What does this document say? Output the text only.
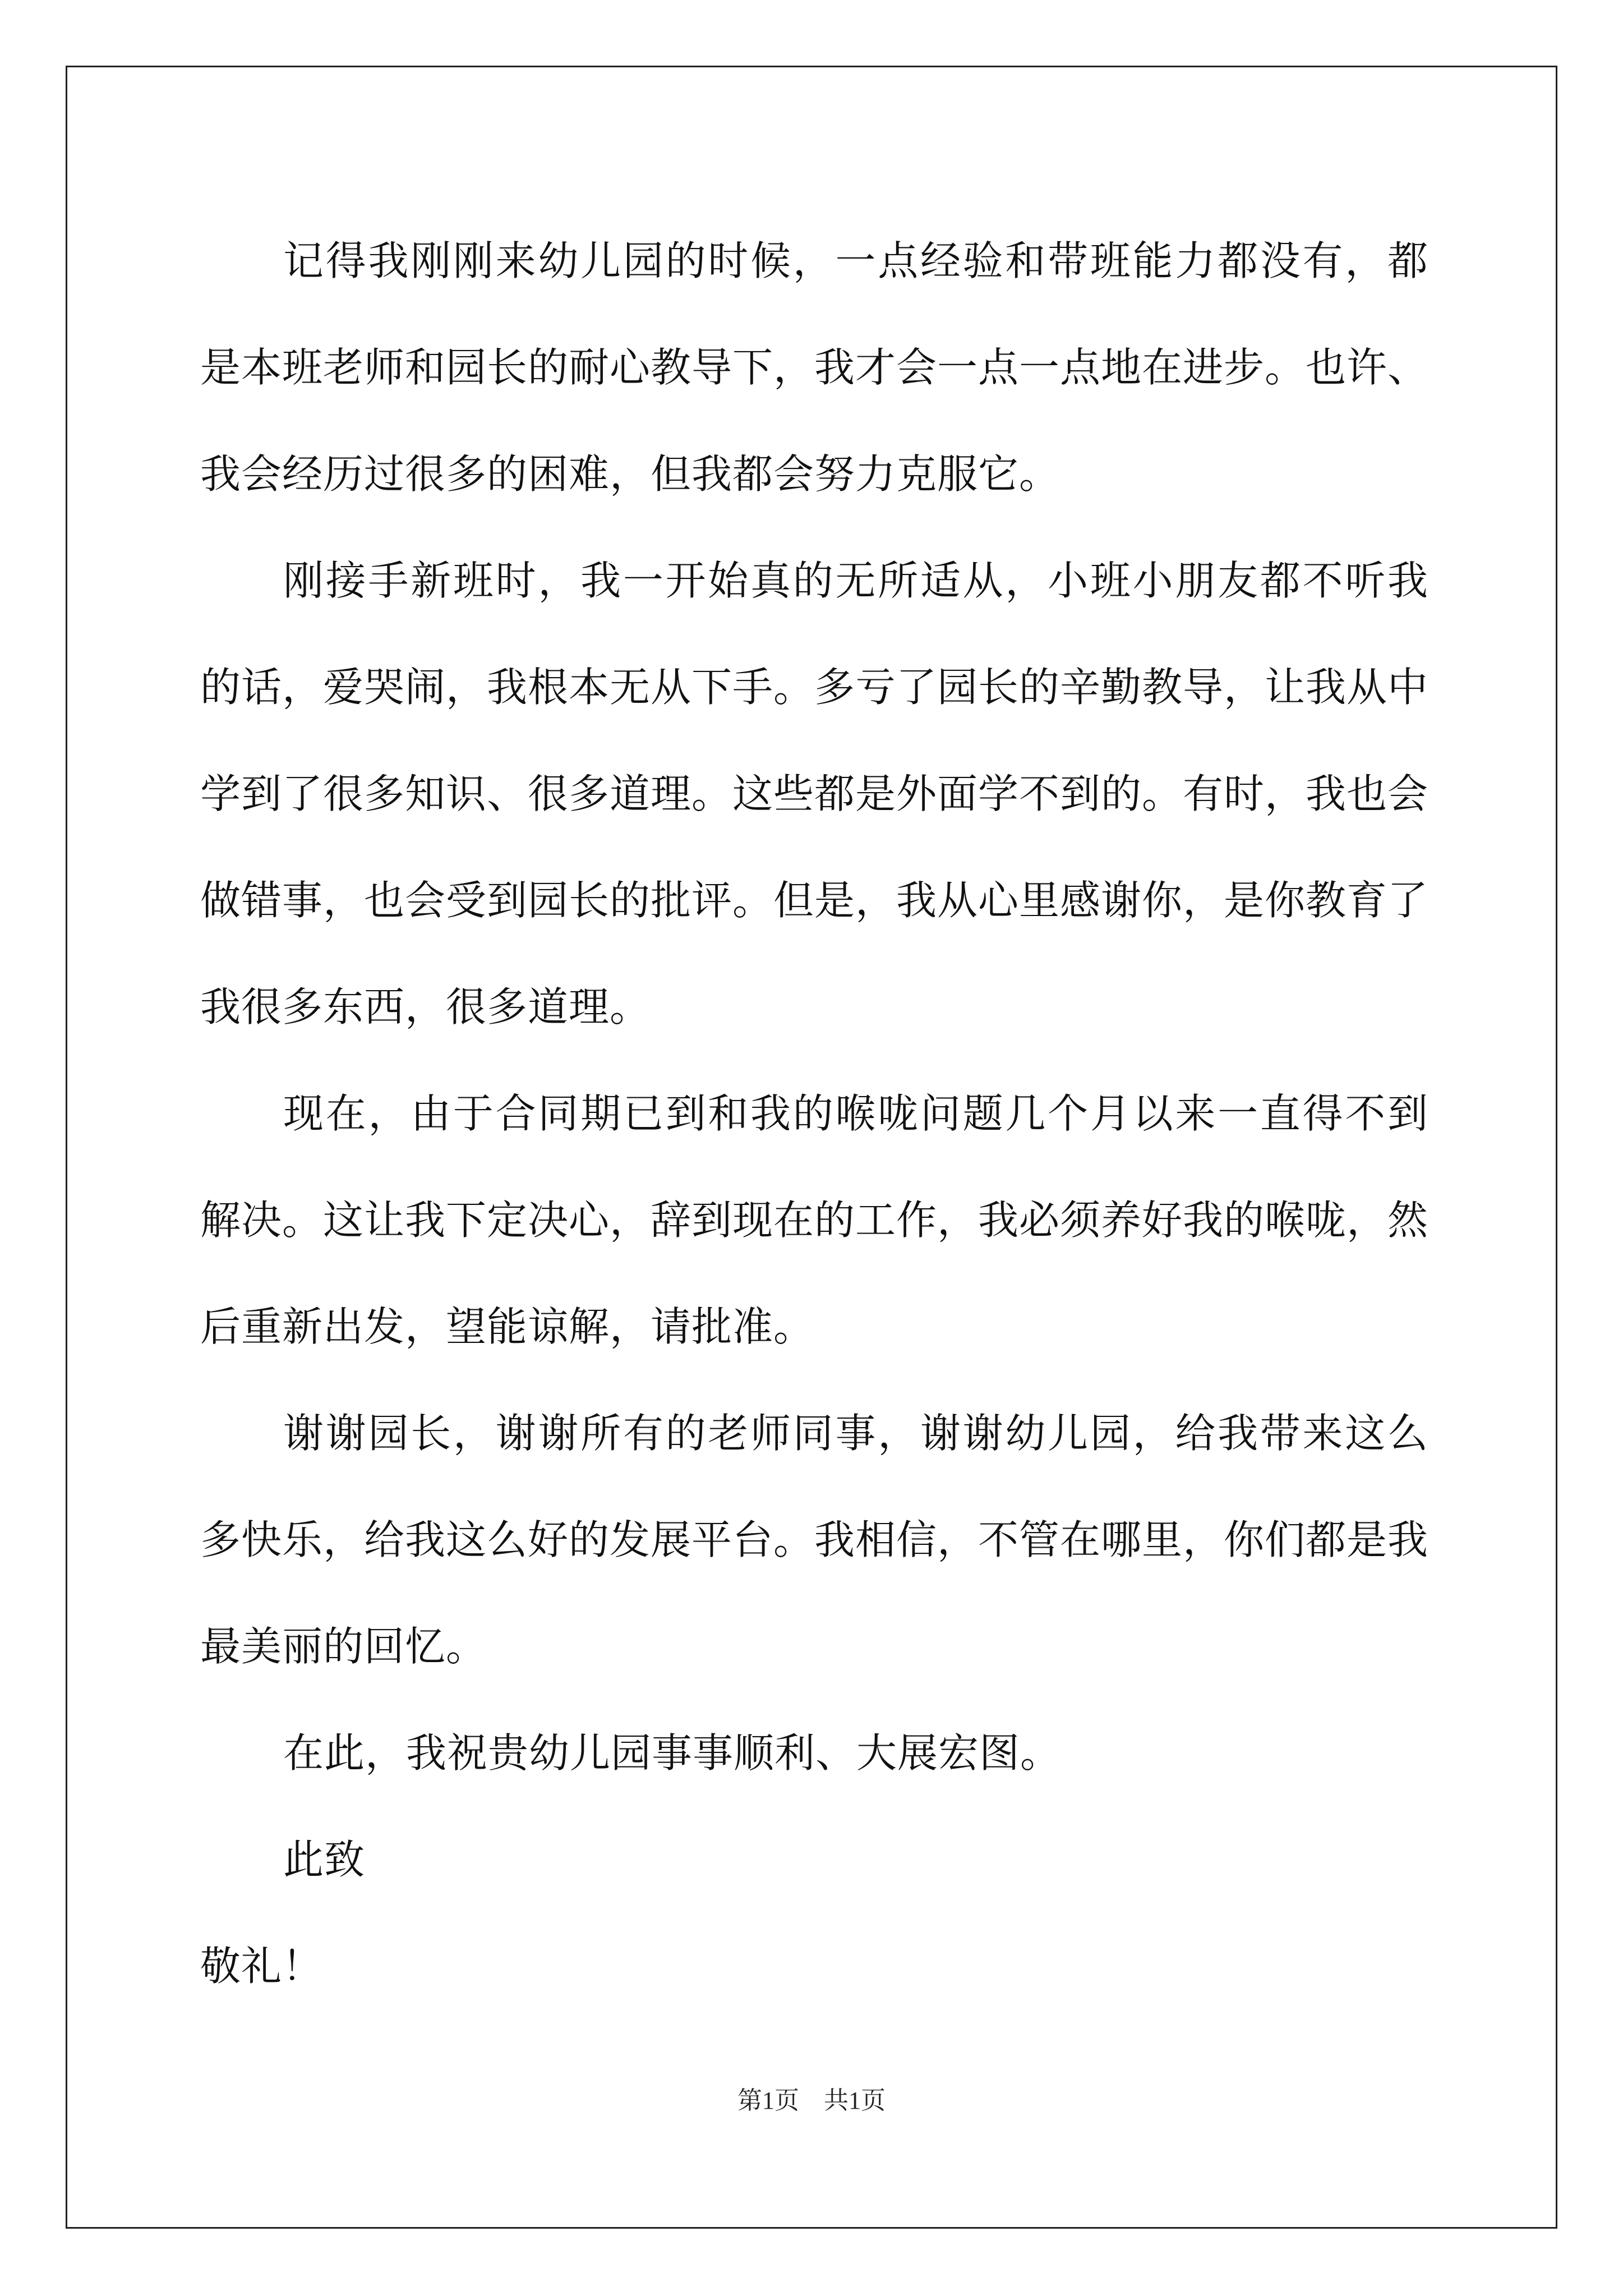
记得我刚刚来幼儿园的时候，一点经验和带班能力都没有，都是本班老师和园长的耐心教导下，我才会一点一点地在进步。也许、我会经历过很多的困难，但我都会努力克服它。

刚接手新班时，我一开始真的无所适从，小班小朋友都不听我的话，爱哭闹，我根本无从下手。多亏了园长的辛勤教导，让我从中学到了很多知识、很多道理。这些都是外面学不到的。有时，我也会做错事，也会受到园长的批评。但是，我从心里感谢你，是你教育了我很多东西，很多道理。

现在，由于合同期已到和我的喉咙问题几个月以来一直得不到解决。这让我下定决心，辞到现在的工作，我必须养好我的喉咙，然后重新出发，望能谅解，请批准。

谢谢园长，谢谢所有的老师同事，谢谢幼儿园，给我带来这么多快乐，给我这么好的发展平台。我相信，不管在哪里，你们都是我最美丽的回忆。

在此，我祝贵幼儿园事事顺利、大展宏图。

此致

敬礼！

第1页　共1页
